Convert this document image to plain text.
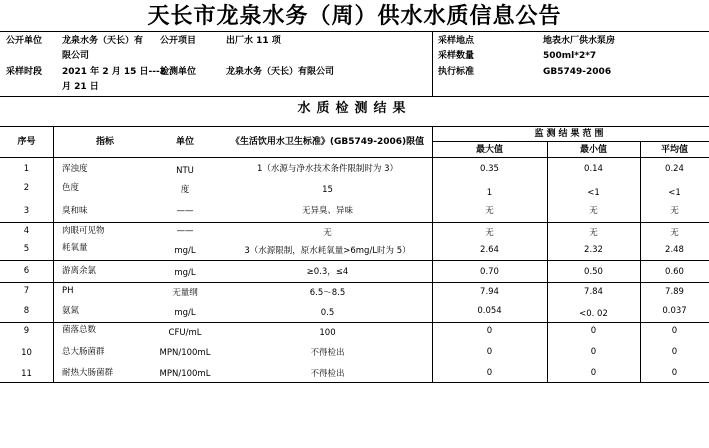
天长市龙泉水务（周）供水水质信息公告
公开单位 龙泉水务（天长）有
限公司
公开项目	出厂水 11 项
采样时段 2021 年 2 月 15 日---2
月 21 日
检测单位	龙泉水务（天长）有限公司
采样地点	地表水厂供水泵房
采样数量	500ml*2*7
执行标准	GB5749-2006
水质检测结果
序号	指标	单位	《生活饮用水卫生标准》(GB5749-2006)限值
监测结果范围
最大值	最小值	平均值
1	浑浊度	NTU	1（水源与净水技术条件限制时为 3）	0.35	0.14	0.24
2	色度	度	15	1	<1	<1
3	臭和味	——	无异臭、异味	无	无	无
4	肉眼可见物	——	无	无	无	无
5	耗氧量	mg/L	3（水源限制，原水耗氧量>6mg/L时为 5）	2.64	2.32	2.48
6	游离余氯	mg/L	≥0.3，≤4	0.70	0.50	0.60
7	PH	无量纲	6.5～8.5	7.94	7.84	7.89
8	氨氮	mg/L	0.5	0.054	<0. 02	0.037
9	菌落总数	CFU/mL	100	0	0	0
10	总大肠菌群	MPN/100mL	不得检出	0	0	0
11	耐热大肠菌群	MPN/100mL	不得检出	0	0	0
